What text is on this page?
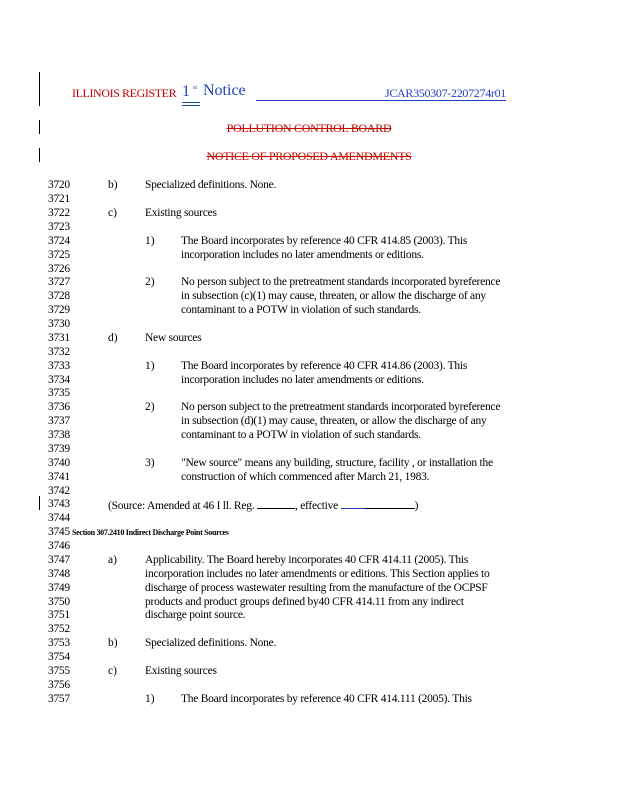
ILLINOIS REGISTER 1 st Notice	JCAR350307-2207274r01
POLLUTION CONTROL BOARD
NOTICE OF PROPOSED AMENDMENTS
3720
3721
3722
3723
3724
3725
3726
3727
3728
3729
3730
3731
3732
3733
3734
3735
3736
3737
3738
3739
3740
3741
3742
3743
3744
3745
3746
3747
3748
3749
3750
3751
3752
3753
3754
3755
3756
3757
b) Specialized definitions. None.
c) Existing sources
1) The Board incorporates by reference 40 CFR 414.85 (2003). This
incorporation includes no later amendments or editions.
2) No person subject to the pretreatment standards incorporated byreference
in subsection (c)(1) may cause, threaten, or allow the discharge of any
contaminant to a POTW in violation of such standards.
d) New sources
1) The Board incorporates by reference 40 CFR 414.86 (2003). This
incorporation includes no later amendments or editions.
2) No person subject to the pretreatment standards incorporated byreference
in subsection (d)(1) may cause, threaten, or allow the discharge of any
contaminant to a POTW in violation of such standards.
3) "New source" means any building, structure, facility , or installation the
construction of which commenced after March 21, 1983.
(Source: Amended at 46 I ll. Reg.	, effective	)
Section 307.2410 Indirect Discharge Point Sources
a) Applicability. The Board hereby incorporates 40 CFR 414.11 (2005). This
incorporation includes no later amendments or editions. This Section applies to
discharge of process wastewater resulting from the manufacture of the OCPSF
products and product groups defined by40 CFR 414.11 from any indirect
discharge point source.
b) Specialized definitions. None.
c) Existing sources
1) The Board incorporates by reference 40 CFR 414.111 (2005). This
